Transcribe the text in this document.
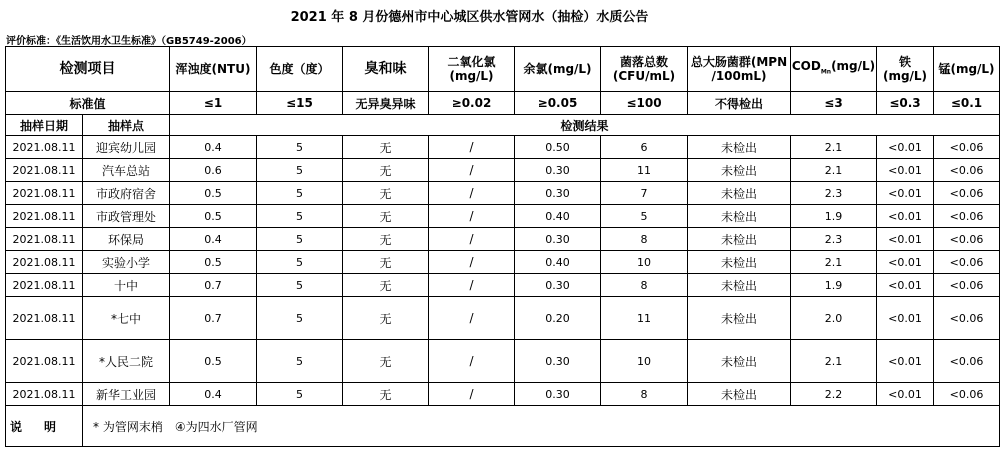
2021 年 8 月份德州市中心城区供水管网水（抽检）水质公告
评价标准：《生活饮用水卫生标准》（GB5749-2006）
检测项目		浑浊度(NTU)	色度（度）	臭和味	二氧化氯(mg/L)	余氯(mg/L)	菌落总数(CFU/mL)	总大肠菌群(MPN /100mL)	$COD_{Mn}(mg/L)$	铁(mg/L)	锰(mg/L)
标准值		≤1	≤15	无异臭异味	≥0.02	≥0.05	≤100	不得检出	≤3	≤0.3	≤0.1
抽样日期	抽样点	检测结果									
2021.08.11	迎宾幼儿园	0.4	5	无	/	0.50	6	未检出	2.1	<0.01	<0.06
2021.08.11	汽车总站	0.6	5	无	/	0.30	11	未检出	2.1	<0.01	<0.06
2021.08.11	市政府宿舍	0.5	5	无	/	0.30	7	未检出	2.3	<0.01	<0.06
2021.08.11	市政管理处	0.5	5	无	/	0.40	5	未检出	1.9	<0.01	<0.06
2021.08.11	环保局	0.4	5	无	/	0.30	8	未检出	2.3	<0.01	<0.06
2021.08.11	实验小学	0.5	5	无	/	0.40	10	未检出	2.1	<0.01	<0.06
2021.08.11	十中	0.7	5	无	/	0.30	8	未检出	1.9	<0.01	<0.06
2021.08.11	*七中	0.7	5	无	/	0.20	11	未检出	2.0	<0.01	<0.06
2021.08.11	*人民二院	0.5	5	无	/	0.30	10	未检出	2.1	<0.01	<0.06
2021.08.11	新华工业园	0.4	5	无	/	0.30	8	未检出	2.2	<0.01	<0.06
说明	* 为管网末梢　④为四水厂管网										
